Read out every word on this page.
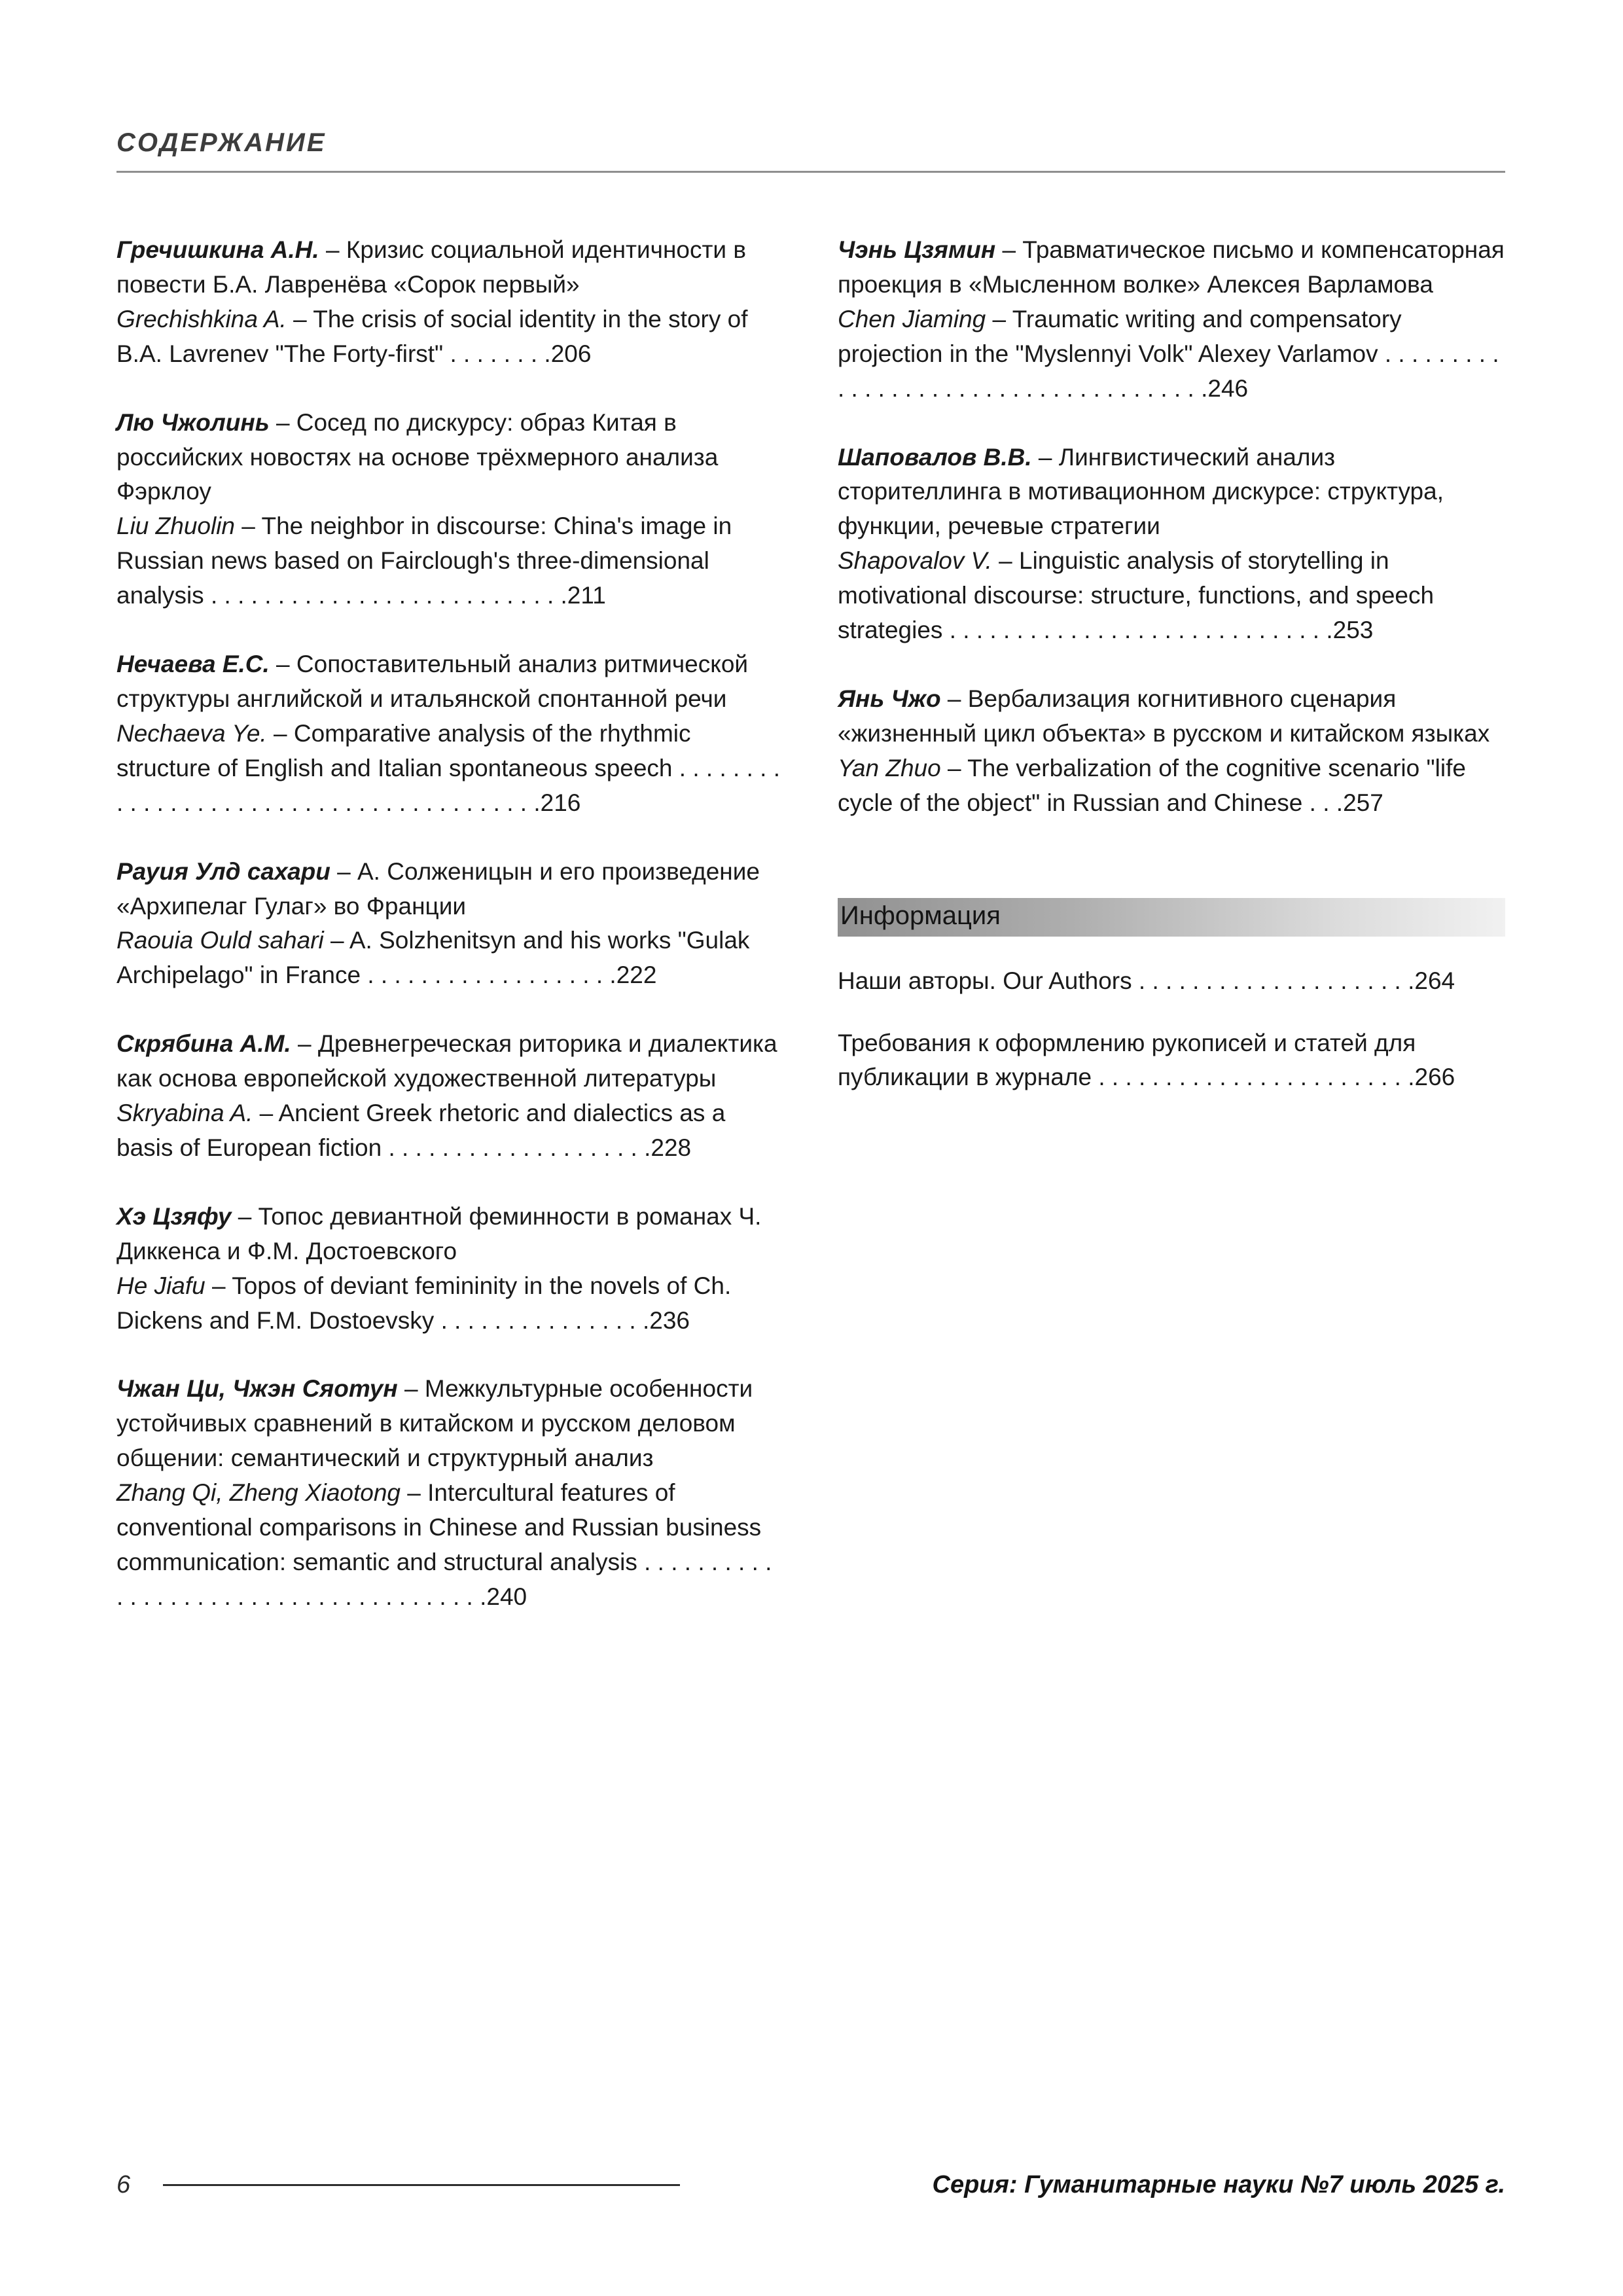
СОДЕРЖАНИЕ
Гречишкина А.Н. – Кризис социальной идентичности в повести Б.А. Лавренёва «Сорок первый»
Grechishkina A. – The crisis of social identity in the story of B.A. Lavrenev "The Forty-first" . . . . . . . .206
Лю Чжолинь – Сосед по дискурсу: образ Китая в российских новостях на основе трёхмерного анализа Фэрклоу
Liu Zhuolin – The neighbor in discourse: China's image in Russian news based on Fairclough's three-dimensional analysis . . . . . . . . . . . . . . . . . . . . . . . . . . .211
Нечаева Е.С. – Сопоставительный анализ ритмической структуры английской и итальянской спонтанной речи
Nechaeva Ye. – Comparative analysis of the rhythmic structure of English and Italian spontaneous speech . . . . . . . . . . . . . . . . . . . . . . . . . . . . . . . . . . . . . . . .216
Рауия Улд сахари – А. Солженицын и его произведение «Архипелаг Гулаг» во Франции
Raouia Ould sahari – A. Solzhenitsyn and his works "Gulak Archipelago" in France . . . . . . . . . . . . . . . . . . .222
Скрябина А.М. – Древнегреческая риторика и диалектика как основа европейской художественной литературы
Skryabina A. – Ancient Greek rhetoric and dialectics as a basis of European fiction . . . . . . . . . . . . . . . . . . . .228
Хэ Цзяфу – Топос девиантной феминности в романах Ч. Диккенса и Ф.М. Достоевского
He Jiafu – Topos of deviant femininity in the novels of Ch. Dickens and F.M. Dostoevsky . . . . . . . . . . . . . . . .236
Чжан Ци, Чжэн Сяотун – Межкультурные особенности устойчивых сравнений в китайском и русском деловом общении: семантический и структурный анализ
Zhang Qi, Zheng Xiaotong – Intercultural features of conventional comparisons in Chinese and Russian business communication: semantic and structural analysis . . . . . . . . . . . . . . . . . . . . . . . . . . . . . . . . . . . . . .240
Чэнь Цзямин – Травматическое письмо и компенсаторная проекция в «Мысленном волке» Алексея Варламова
Chen Jiaming – Traumatic writing and compensatory projection in the "Myslennyi Volk" Alexey Varlamov . . . . . . . . . . . . . . . . . . . . . . . . . . . . . . . . . . . . .246
Шаповалов В.В. – Лингвистический анализ сторителлинга в мотивационном дискурсе: структура, функции, речевые стратегии
Shapovalov V. – Linguistic analysis of storytelling in motivational discourse: structure, functions, and speech strategies . . . . . . . . . . . . . . . . . . . . . . . . . . . . .253
Янь Чжо – Вербализация когнитивного сценария «жизненный цикл объекта» в русском и китайском языках
Yan Zhuo – The verbalization of the cognitive scenario "life cycle of the object" in Russian and Chinese . . .257
Информация
Наши авторы. Our Authors . . . . . . . . . . . . . . . . . . . . .264
Требования к оформлению рукописей и статей для публикации в журнале . . . . . . . . . . . . . . . . . . . . . . . .266
6	Серия: Гуманитарные науки №7 июль 2025 г.
